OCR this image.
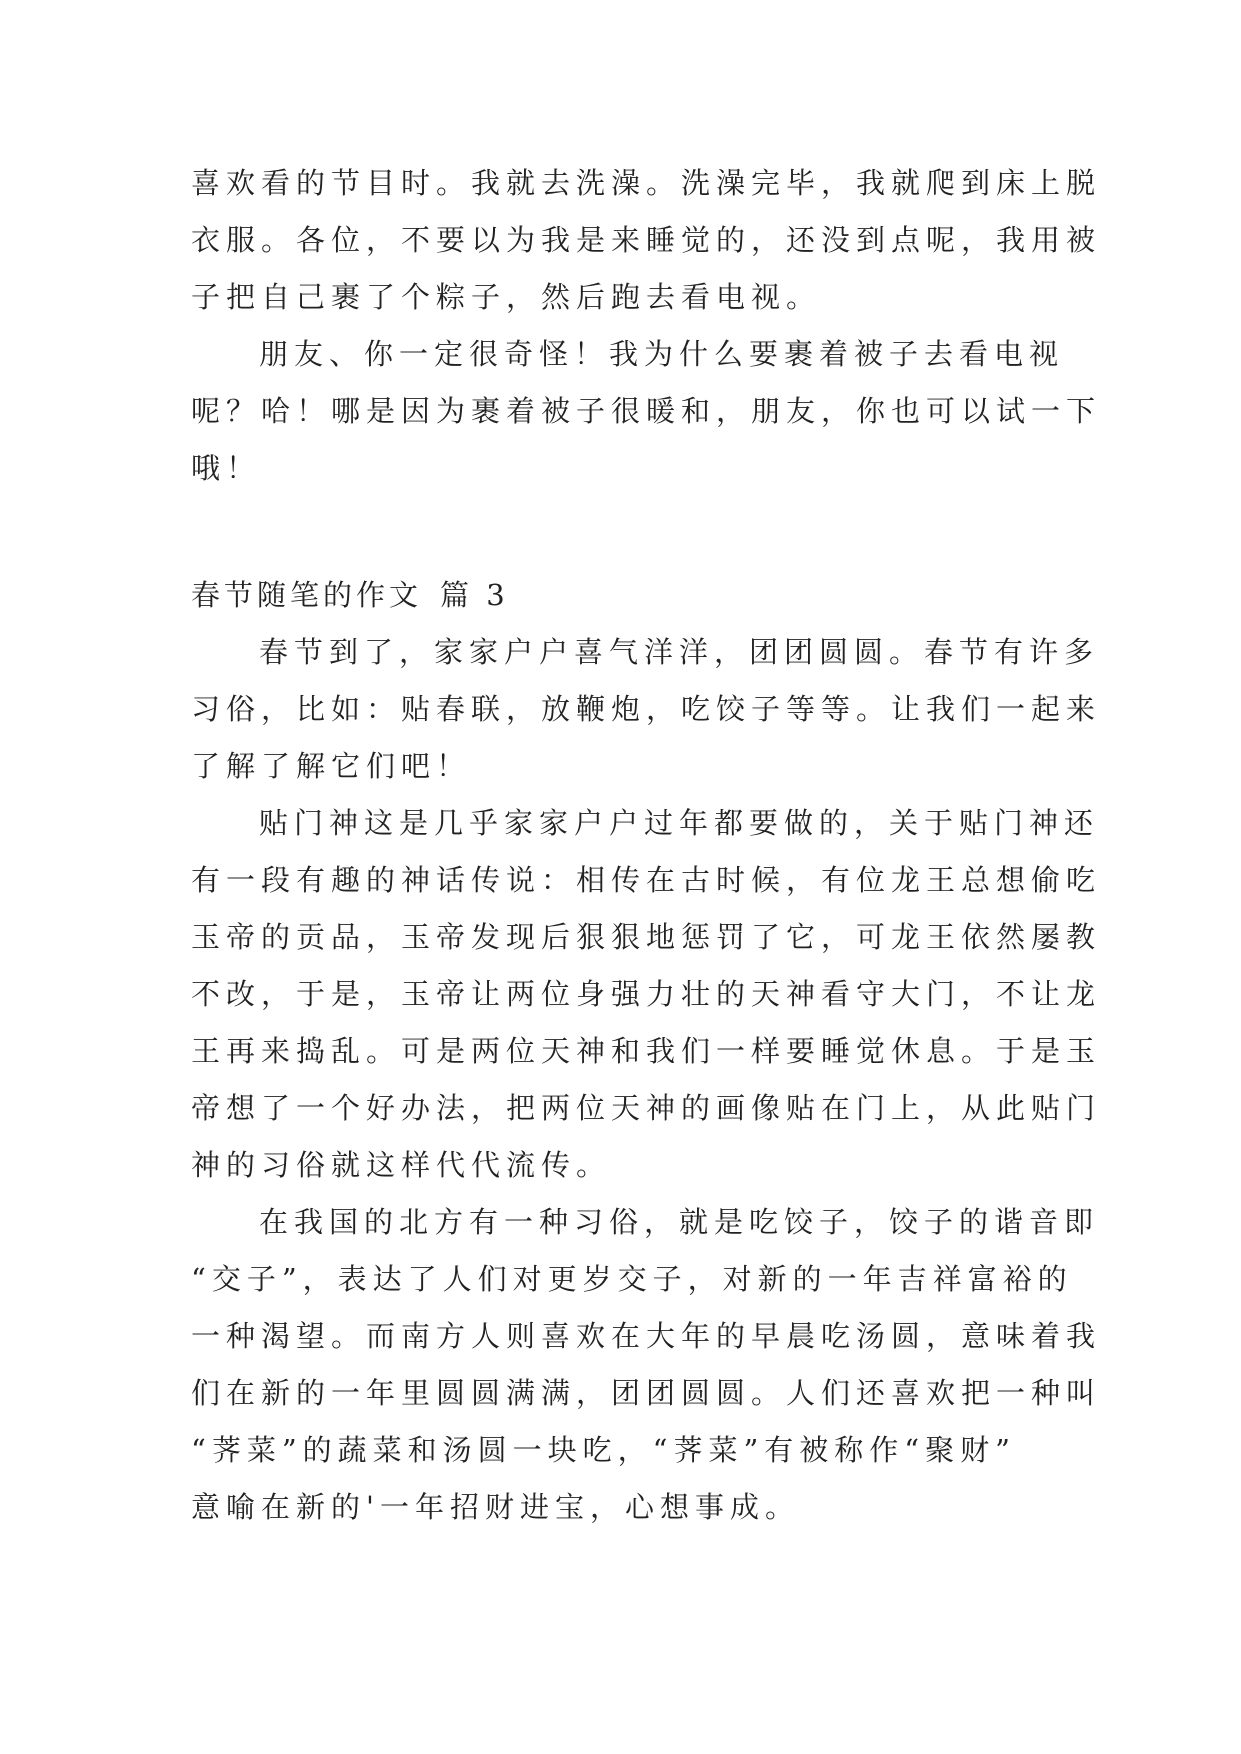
喜欢看的节目时。我就去洗澡。洗澡完毕，我就爬到床上脱
衣服。各位，不要以为我是来睡觉的，还没到点呢，我用被
子把自己裹了个粽子，然后跑去看电视。
朋友、你一定很奇怪！我为什么要裹着被子去看电视
呢？哈！哪是因为裹着被子很暖和，朋友，你也可以试一下
哦！
春节随笔的作文 篇 3
春节到了，家家户户喜气洋洋，团团圆圆。春节有许多
习俗，比如：贴春联，放鞭炮，吃饺子等等。让我们一起来
了解了解它们吧！
贴门神这是几乎家家户户过年都要做的，关于贴门神还
有一段有趣的神话传说：相传在古时候，有位龙王总想偷吃
玉帝的贡品，玉帝发现后狠狠地惩罚了它，可龙王依然屡教
不改，于是，玉帝让两位身强力壮的天神看守大门，不让龙
王再来捣乱。可是两位天神和我们一样要睡觉休息。于是玉
帝想了一个好办法，把两位天神的画像贴在门上，从此贴门
神的习俗就这样代代流传。
在我国的北方有一种习俗，就是吃饺子，饺子的谐音即
“交子”，表达了人们对更岁交子，对新的一年吉祥富裕的
一种渴望。而南方人则喜欢在大年的早晨吃汤圆，意味着我
们在新的一年里圆圆满满，团团圆圆。人们还喜欢把一种叫
“荠菜”的蔬菜和汤圆一块吃，“荠菜”有被称作“聚财”
意喻在新的'一年招财进宝，心想事成。
